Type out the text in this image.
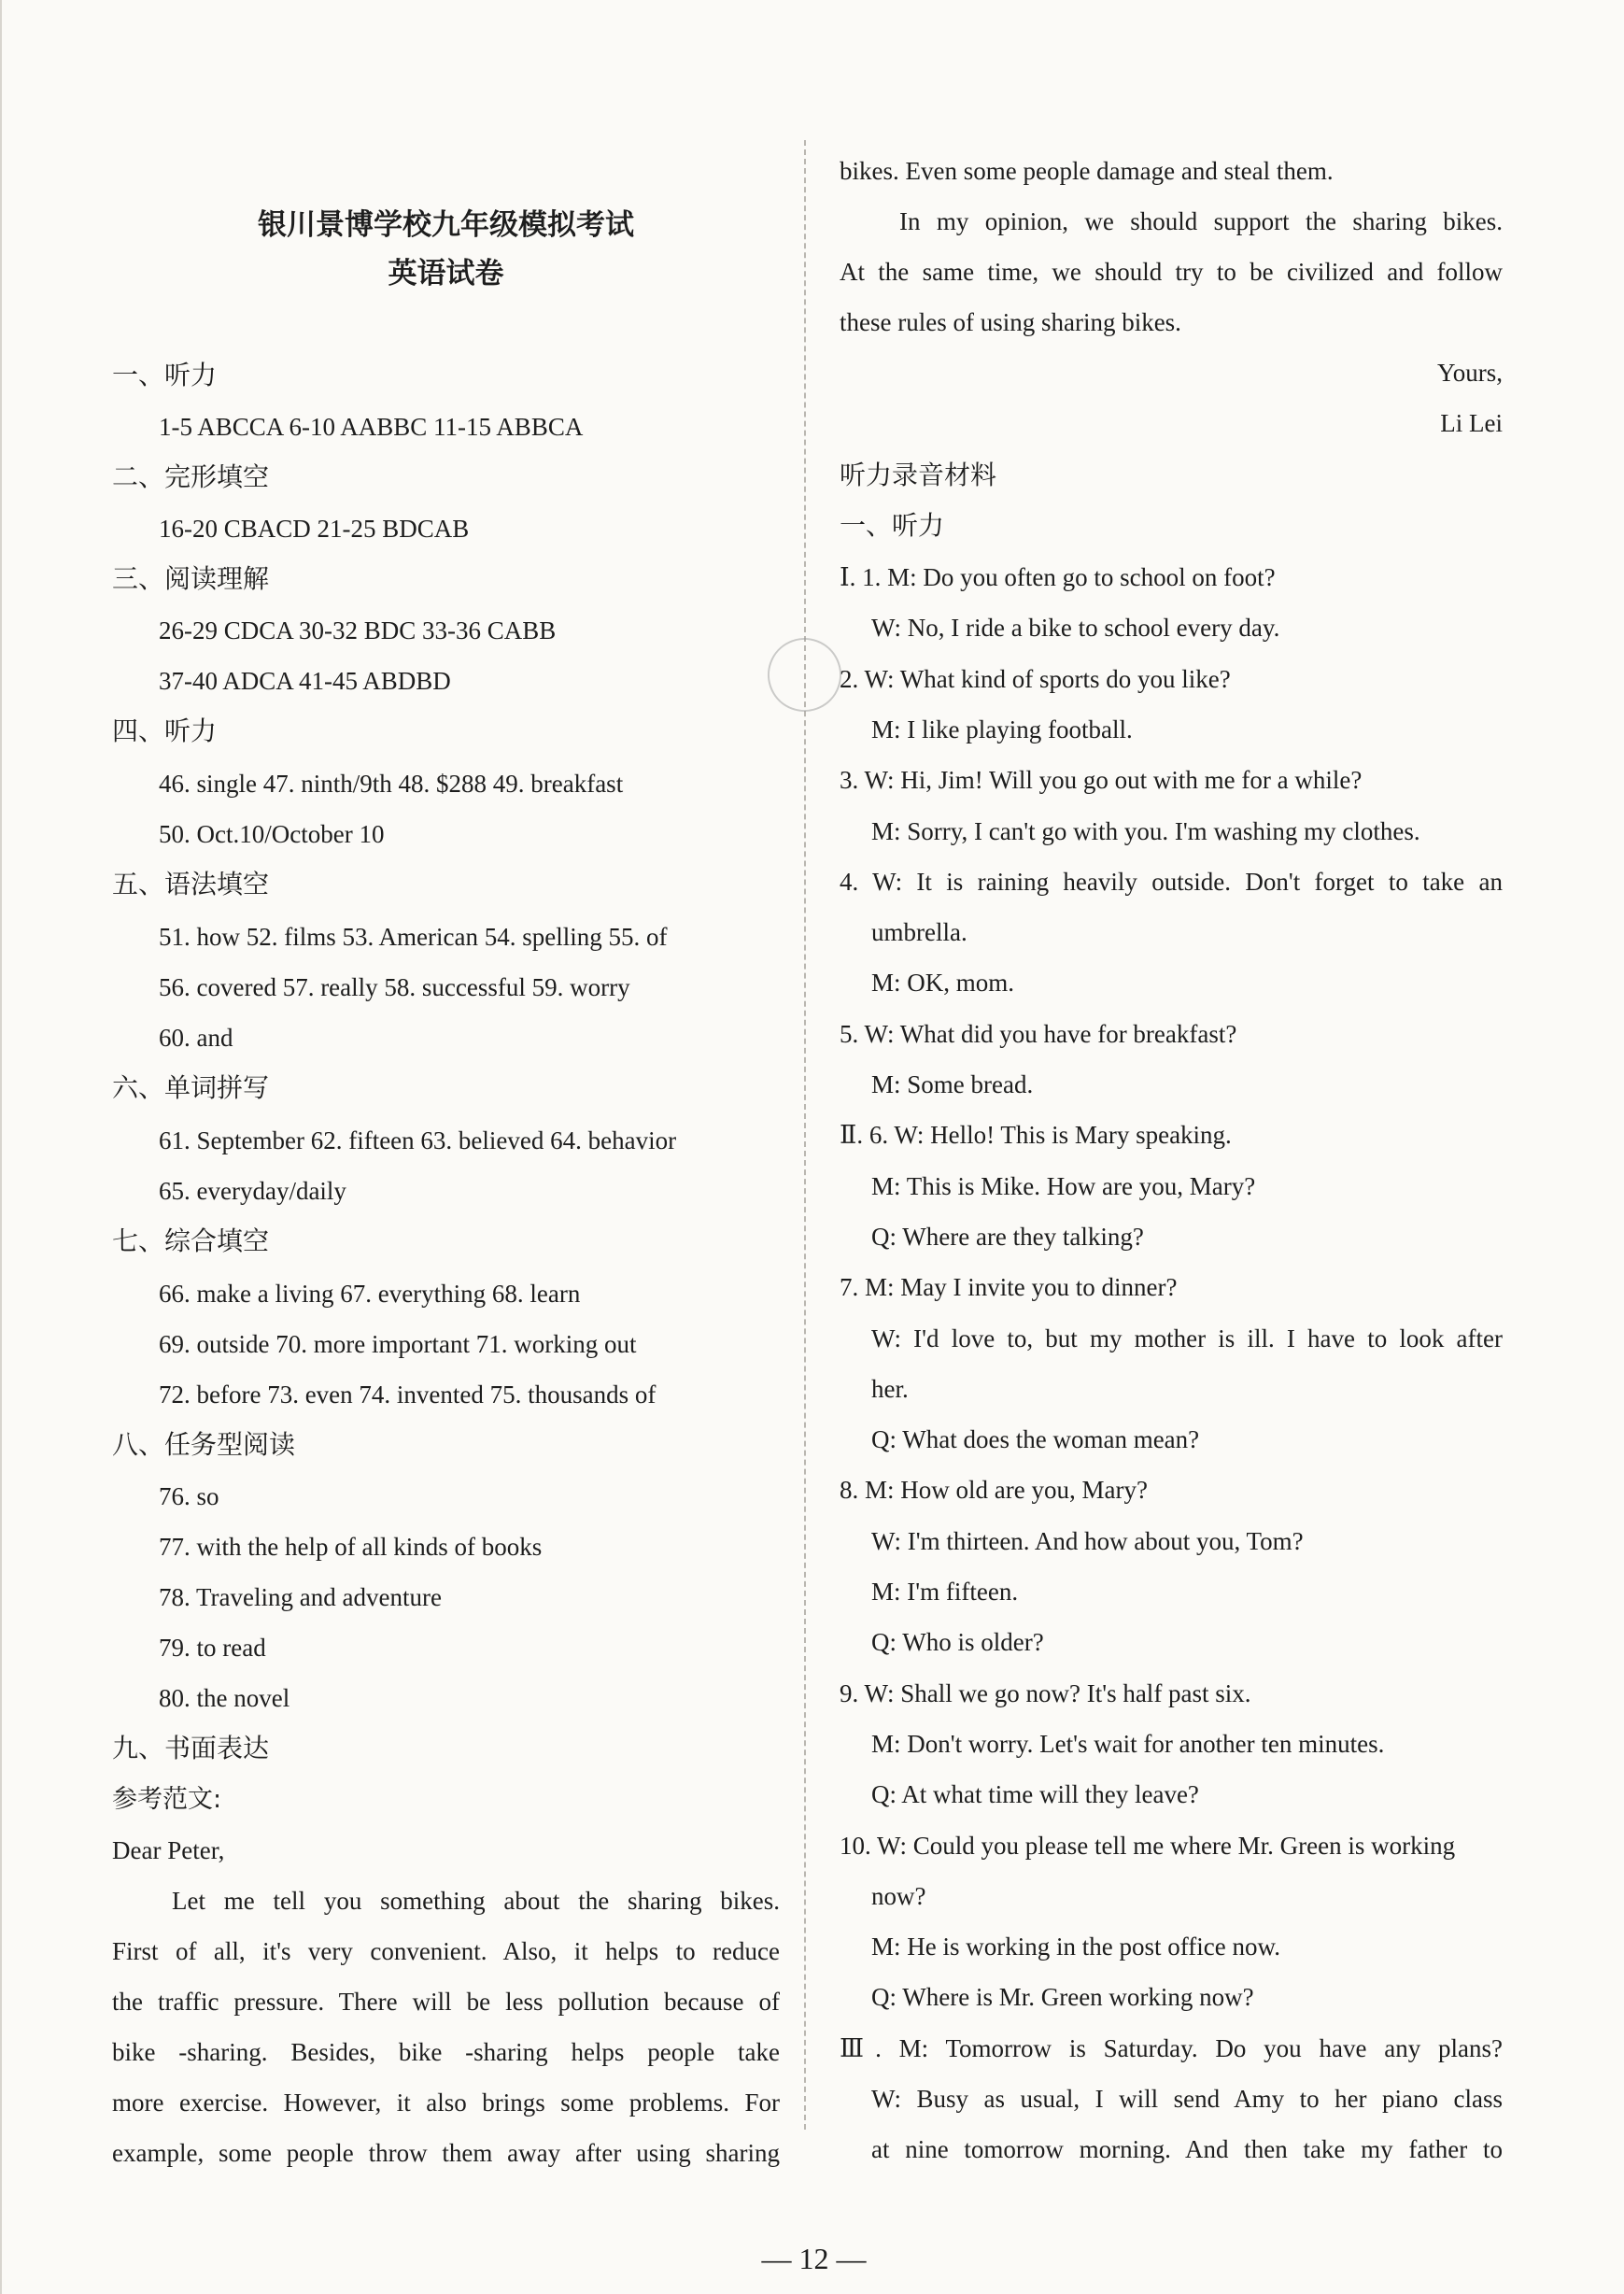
银川景博学校九年级模拟考试
英语试卷
一、听力
1-5 ABCCA 6-10 AABBC 11-15 ABBCA
二、完形填空
16-20 CBACD 21-25 BDCAB
三、阅读理解
26-29 CDCA 30-32 BDC 33-36 CABB
37-40 ADCA 41-45 ABDBD
四、听力
46. single 47. ninth/9th 48. $288 49. breakfast
50. Oct.10/October 10
五、语法填空
51. how 52. films 53. American 54. spelling 55. of
56. covered 57. really 58. successful 59. worry
60. and
六、单词拼写
61. September 62. fifteen 63. believed 64. behavior
65. everyday/daily
七、综合填空
66. make a living 67. everything 68. learn
69. outside 70. more important 71. working out
72. before 73. even 74. invented 75. thousands of
八、任务型阅读
76. so
77. with the help of all kinds of books
78. Traveling and adventure
79. to read
80. the novel
九、书面表达
参考范文:
Dear Peter,
Let me tell you something about the sharing bikes.
First of all, it's very convenient. Also, it helps to reduce
the traffic pressure. There will be less pollution because of
bike -sharing. Besides, bike -sharing helps people take
more exercise. However, it also brings some problems. For
example, some people throw them away after using sharing
bikes. Even some people damage and steal them.
In my opinion, we should support the sharing bikes.
At the same time, we should try to be civilized and follow
these rules of using sharing bikes.
Yours,
Li Lei
听力录音材料
一、听力
Ⅰ. 1. M: Do you often go to school on foot?
W: No, I ride a bike to school every day.
2. W: What kind of sports do you like?
M: I like playing football.
3. W: Hi, Jim! Will you go out with me for a while?
M: Sorry, I can't go with you. I'm washing my clothes.
4. W: It is raining heavily outside. Don't forget to take an
umbrella.
M: OK, mom.
5. W: What did you have for breakfast?
M: Some bread.
Ⅱ. 6. W: Hello! This is Mary speaking.
M: This is Mike. How are you, Mary?
Q: Where are they talking?
7. M: May I invite you to dinner?
W: I'd love to, but my mother is ill. I have to look after
her.
Q: What does the woman mean?
8. M: How old are you, Mary?
W: I'm thirteen. And how about you, Tom?
M: I'm fifteen.
Q: Who is older?
9. W: Shall we go now? It's half past six.
M: Don't worry. Let's wait for another ten minutes.
Q: At what time will they leave?
10. W: Could you please tell me where Mr. Green is working
now?
M: He is working in the post office now.
Q: Where is Mr. Green working now?
Ⅲ. M: Tomorrow is Saturday. Do you have any plans?
W: Busy as usual, I will send Amy to her piano class
at nine tomorrow morning. And then take my father to
— 12 —
